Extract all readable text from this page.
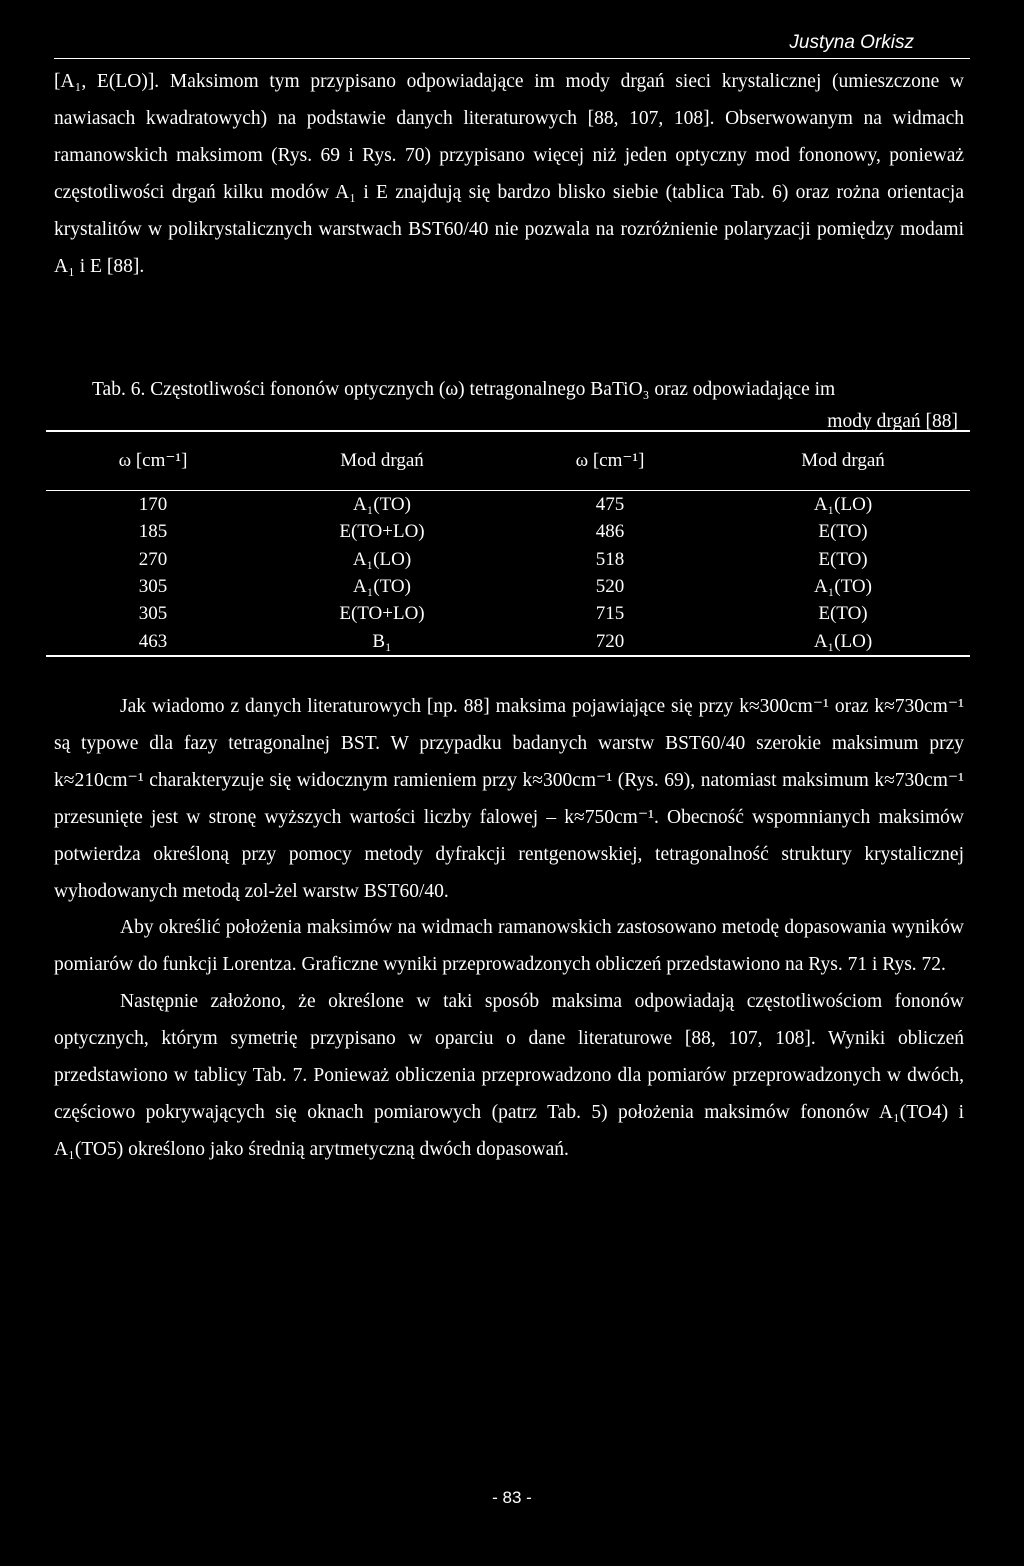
Justyna Orkisz

[A₁, E(LO)]. Maksimom tym przypisano odpowiadające im mody drgań sieci krystalicznej (umieszczone w nawiasach kwadratowych) na podstawie danych literaturowych [88, 107, 108]. Obserwowanym na widmach ramanowskich maksimom (Rys. 69 i Rys. 70) przypisano więcej niż jeden optyczny mod fononowy, ponieważ częstotliwości drgań kilku modów A₁ i E znajdują się bardzo blisko siebie (tablica Tab. 6) oraz rożna orientacja krystalitów w polikrystalicznych warstwach BST60/40 nie pozwala na rozróżnienie polaryzacji pomiędzy modami A₁ i E [88].

Tab. 6. Częstotliwości fononów optycznych (ω) tetragonalnego BaTiO₃ oraz odpowiadające im
mody drgań [88]
ω [cm⁻¹]	Mod drgań	ω [cm⁻¹]	Mod drgań
170	A₁(TO)	475	A₁(LO)
185	E(TO+LO)	486	E(TO)
270	A₁(LO)	518	E(TO)
305	A₁(TO)	520	A₁(TO)
305	E(TO+LO)	715	E(TO)
463	B₁	720	A₁(LO)

Jak wiadomo z danych literaturowych [np. 88] maksima pojawiające się przy k≈300cm⁻¹ oraz k≈730cm⁻¹ są typowe dla fazy tetragonalnej BST. W przypadku badanych warstw BST60/40 szerokie maksimum przy k≈210cm⁻¹ charakteryzuje się widocznym ramieniem przy k≈300cm⁻¹ (Rys. 69), natomiast maksimum k≈730cm⁻¹ przesunięte jest w stronę wyższych wartości liczby falowej – k≈750cm⁻¹. Obecność wspomnianych maksimów potwierdza określoną przy pomocy metody dyfrakcji rentgenowskiej, tetragonalność struktury krystalicznej wyhodowanych metodą zol-żel warstw BST60/40.

Aby określić położenia maksimów na widmach ramanowskich zastosowano metodę dopasowania wyników pomiarów do funkcji Lorentza. Graficzne wyniki przeprowadzonych obliczeń przedstawiono na Rys. 71 i Rys. 72.

Następnie założono, że określone w taki sposób maksima odpowiadają częstotliwościom fononów optycznych, którym symetrię przypisano w oparciu o dane literaturowe [88, 107, 108]. Wyniki obliczeń przedstawiono w tablicy Tab. 7. Ponieważ obliczenia przeprowadzono dla pomiarów przeprowadzonych w dwóch, częściowo pokrywających się oknach pomiarowych (patrz Tab. 5) położenia maksimów fononów A₁(TO4) i A₁(TO5) określono jako średnią arytmetyczną dwóch dopasowań.

- 83 -
